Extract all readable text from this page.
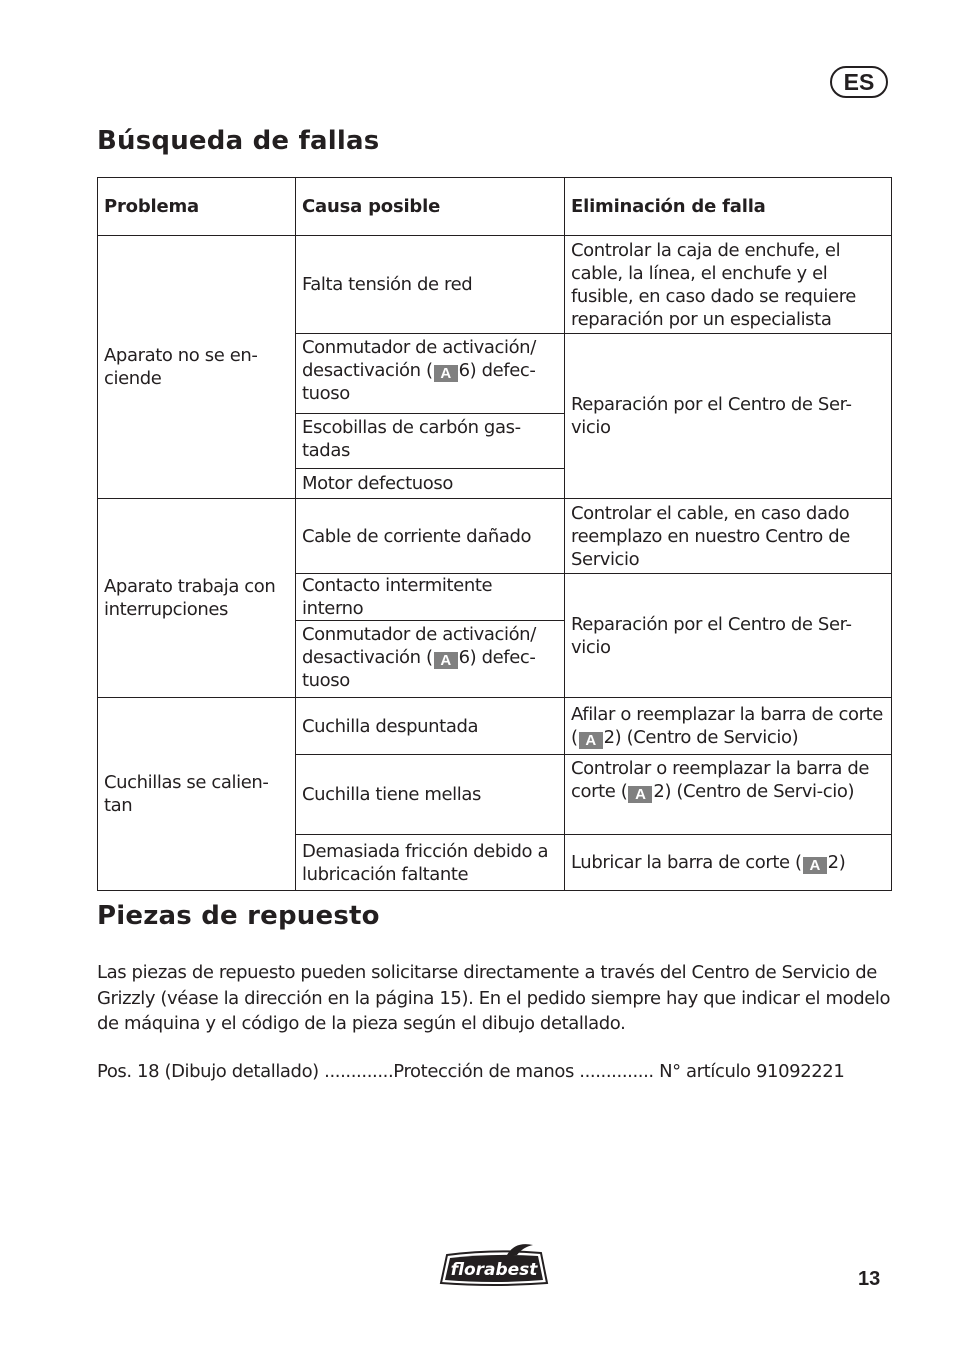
ES
Búsqueda de fallas
Problema	Causa posible	Eliminación de falla
Aparato no se en-ciende	Falta tensión de red	Controlar la caja de enchufe, el cable, la línea, el enchufe y el fusible, en caso dado se requiere reparación por un especialista
	Conmutador de activación/ desactivación ( A 6) defec-tuoso	Reparación por el Centro de Ser-vicio
	Escobillas de carbón gas-tadas	
	Motor defectuoso	
Aparato trabaja con interrupciones	Cable de corriente dañado	Controlar el cable, en caso dado reemplazo en nuestro Centro de Servicio
	Contacto intermitente interno	Reparación por el Centro de Ser-vicio
	Conmutador de activación/ desactivación ( A 6) defec-tuoso	
Cuchillas se calien-tan	Cuchilla despuntada	Afilar o reemplazar la barra de corte ( A 2) (Centro de Servicio)
	Cuchilla tiene mellas	Controlar o reemplazar la barra de corte ( A 2) (Centro de Servi-cio)
	Demasiada fricción debido a lubricación faltante	Lubricar la barra de corte ( A 2)
Piezas de repuesto

Las piezas de repuesto pueden solicitarse directamente a través del Centro de Servicio de Grizzly (véase la dirección en la página 15). En el pedido siempre hay que indicar el modelo de máquina y el código de la pieza según el dibujo detallado.

Pos. 18 (Dibujo detallado) .............Protección de manos .............. N° artículo 91092221

florabest	13
